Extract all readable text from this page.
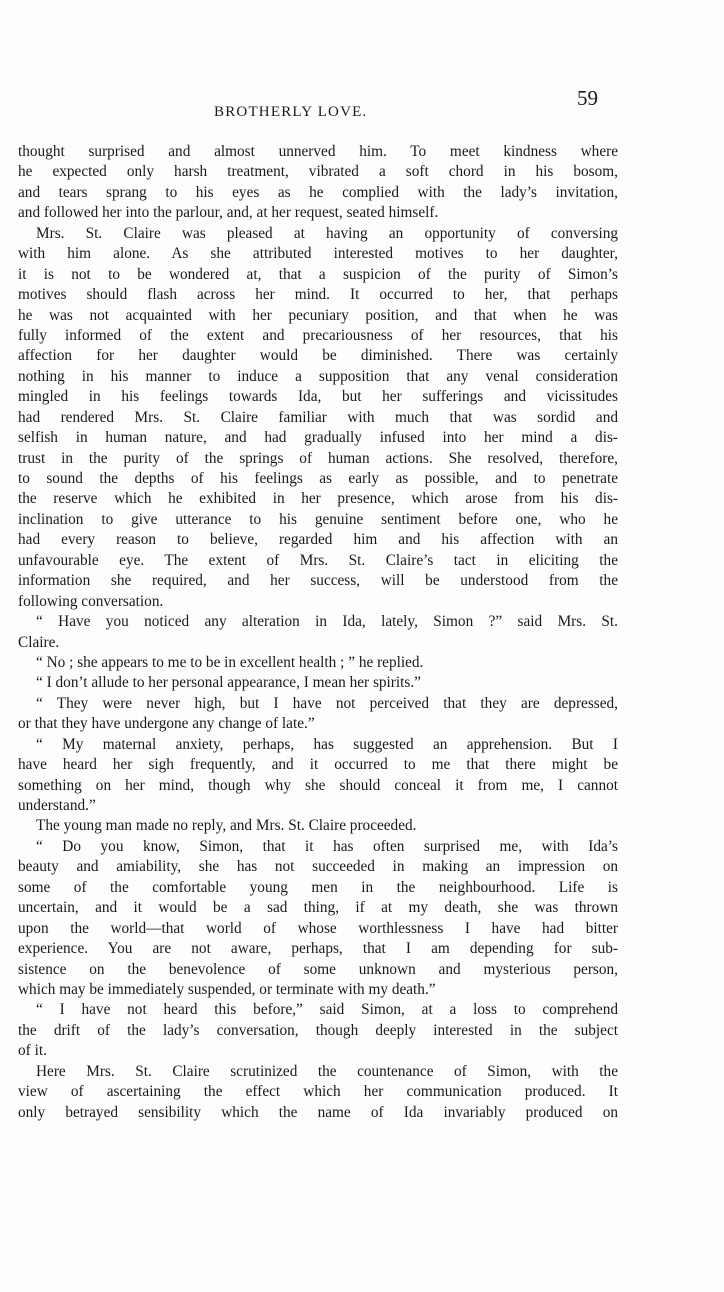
BROTHERLY LOVE.
59
thought surprised and almost unnerved him. To meet kindness where
he expected only harsh treatment, vibrated a soft chord in his bosom,
and tears sprang to his eyes as he complied with the lady’s invitation,
and followed her into the parlour, and, at her request, seated himself.
Mrs. St. Claire was pleased at having an opportunity of conversing
with him alone. As she attributed interested motives to her daughter,
it is not to be wondered at, that a suspicion of the purity of Simon’s
motives should flash across her mind. It occurred to her, that perhaps
he was not acquainted with her pecuniary position, and that when he was
fully informed of the extent and precariousness of her resources, that his
affection for her daughter would be diminished. There was certainly
nothing in his manner to induce a supposition that any venal consideration
mingled in his feelings towards Ida, but her sufferings and vicissitudes
had rendered Mrs. St. Claire familiar with much that was sordid and
selfish in human nature, and had gradually infused into her mind a dis-
trust in the purity of the springs of human actions. She resolved, therefore,
to sound the depths of his feelings as early as possible, and to penetrate
the reserve which he exhibited in her presence, which arose from his dis-
inclination to give utterance to his genuine sentiment before one, who he
had every reason to believe, regarded him and his affection with an
unfavourable eye. The extent of Mrs. St. Claire’s tact in eliciting the
information she required, and her success, will be understood from the
following conversation.
“ Have you noticed any alteration in Ida, lately, Simon ?” said Mrs. St.
Claire.
“ No ; she appears to me to be in excellent health ; ” he replied.
“ I don’t allude to her personal appearance, I mean her spirits.”
“ They were never high, but I have not perceived that they are depressed,
or that they have undergone any change of late.”
“ My maternal anxiety, perhaps, has suggested an apprehension. But I
have heard her sigh frequently, and it occurred to me that there might be
something on her mind, though why she should conceal it from me, I cannot
understand.”
The young man made no reply, and Mrs. St. Claire proceeded.
“ Do you know, Simon, that it has often surprised me, with Ida’s
beauty and amiability, she has not succeeded in making an impression on
some of the comfortable young men in the neighbourhood. Life is
uncertain, and it would be a sad thing, if at my death, she was thrown
upon the world—that world of whose worthlessness I have had bitter
experience. You are not aware, perhaps, that I am depending for sub-
sistence on the benevolence of some unknown and mysterious person,
which may be immediately suspended, or terminate with my death.”
“ I have not heard this before,” said Simon, at a loss to comprehend
the drift of the lady’s conversation, though deeply interested in the subject
of it.
Here Mrs. St. Claire scrutinized the countenance of Simon, with the
view of ascertaining the effect which her communication produced. It
only betrayed sensibility which the name of Ida invariably produced on
